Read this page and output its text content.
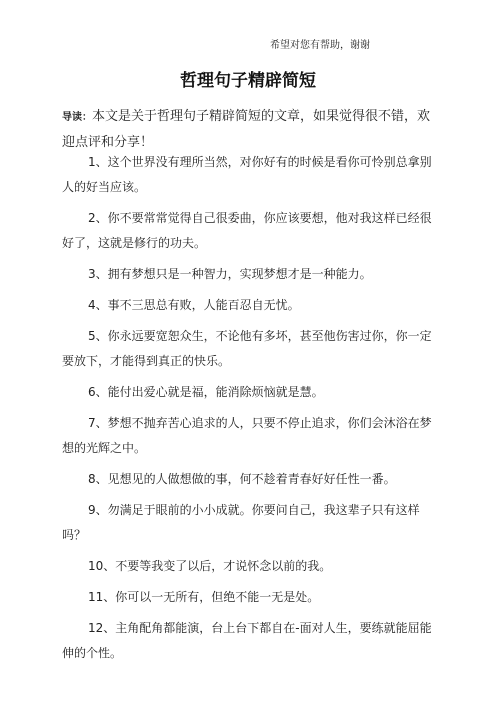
希望对您有帮助，谢谢
哲理句子精辟简短
导读：本文是关于哲理句子精辟简短的文章，如果觉得很不错，欢迎点评和分享！

1、这个世界没有理所当然，对你好有的时候是看你可怜别总拿别人的好当应该。

2、你不要常常觉得自己很委曲，你应该要想，他对我这样已经很好了，这就是修行的功夫。

3、拥有梦想只是一种智力，实现梦想才是一种能力。

4、事不三思总有败，人能百忍自无忧。

5、你永远要宽恕众生，不论他有多坏，甚至他伤害过你，你一定要放下，才能得到真正的快乐。

6、能付出爱心就是福，能消除烦恼就是慧。

7、梦想不抛弃苦心追求的人，只要不停止追求，你们会沐浴在梦想的光辉之中。

8、见想见的人做想做的事，何不趁着青春好好任性一番。

9、勿满足于眼前的小小成就。你要问自己，我这辈子只有这样吗？

10、不要等我变了以后，才说怀念以前的我。

11、你可以一无所有，但绝不能一无是处。

12、主角配角都能演，台上台下都自在-面对人生，要练就能屈能伸的个性。
